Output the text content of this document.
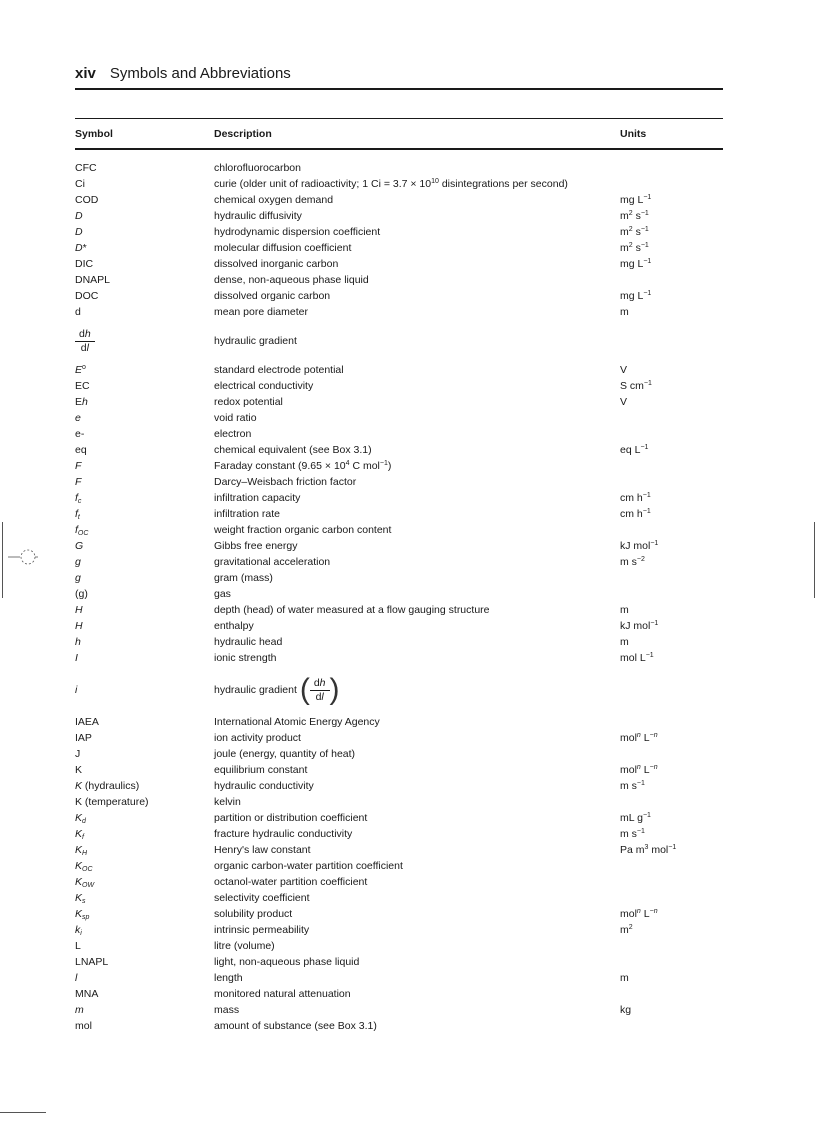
xiv Symbols and Abbreviations
Symbol	Description	Units
CFC	chlorofluorocarbon
Ci	curie (older unit of radioactivity; 1 $Ci = 3.7 \times 10^{10}$ disintegrations per second)
COD	chemical oxygen demand	mg $L^{-1}$
D	hydraulic diffusivity	$m^2$ $s^{-1}$
D	hydrodynamic dispersion coefficient	$m^2$ $s^{-1}$
D*	molecular diffusion coefficient	$m^2$ $s^{-1}$
DIC	dissolved inorganic carbon	mg $L^{-1}$
DNAPL	dense, non-aqueous phase liquid
DOC	dissolved organic carbon	mg $L^{-1}$
d	mean pore diameter	m
$\frac{dh}{dl}$	hydraulic gradient
$E^o$	standard electrode potential	V
EC	electrical conductivity	S $cm^{-1}$
Eh	redox potential	V
e	void ratio
e-	electron
eq	chemical equivalent (see Box 3.1)	eq $L^{-1}$
F	Faraday constant ($9.65 \times 10^4$ C mol$^{-1}$)
F	Darcy–Weisbach friction factor
$f_c$	infiltration capacity	cm $h^{-1}$
$f_t$	infiltration rate	cm $h^{-1}$
$f_{OC}$	weight fraction organic carbon content
G	Gibbs free energy	kJ mol$^{-1}$
g	gravitational acceleration	m $s^{-2}$
g	gram (mass)
(g)	gas
H	depth (head) of water measured at a flow gauging structure	m
H	enthalpy	kJ mol$^{-1}$
h	hydraulic head	m
I	ionic strength	mol $L^{-1}$
i	hydraulic gradient ( $\frac{dh}{dl}$ )
IAEA	International Atomic Energy Agency
IAP	ion activity product	mol$^n$ $L^{-n}$
J	joule (energy, quantity of heat)
K	equilibrium constant	mol$^n$ $L^{-n}$
K (hydraulics)	hydraulic conductivity	m $s^{-1}$
K (temperature)	kelvin
$K_d$	partition or distribution coefficient	mL $g^{-1}$
$K_f$	fracture hydraulic conductivity	m $s^{-1}$
$K_H$	Henry's law constant	Pa $m^3$ mol$^{-1}$
$K_{OC}$	organic carbon-water partition coefficient
$K_{OW}$	octanol-water partition coefficient
$K_s$	selectivity coefficient
$K_{sp}$	solubility product	mol$^n$ $L^{-n}$
$k_i$	intrinsic permeability	$m^2$
L	litre (volume)
LNAPL	light, non-aqueous phase liquid
l	length	m
MNA	monitored natural attenuation
m	mass	kg
mol	amount of substance (see Box 3.1)
